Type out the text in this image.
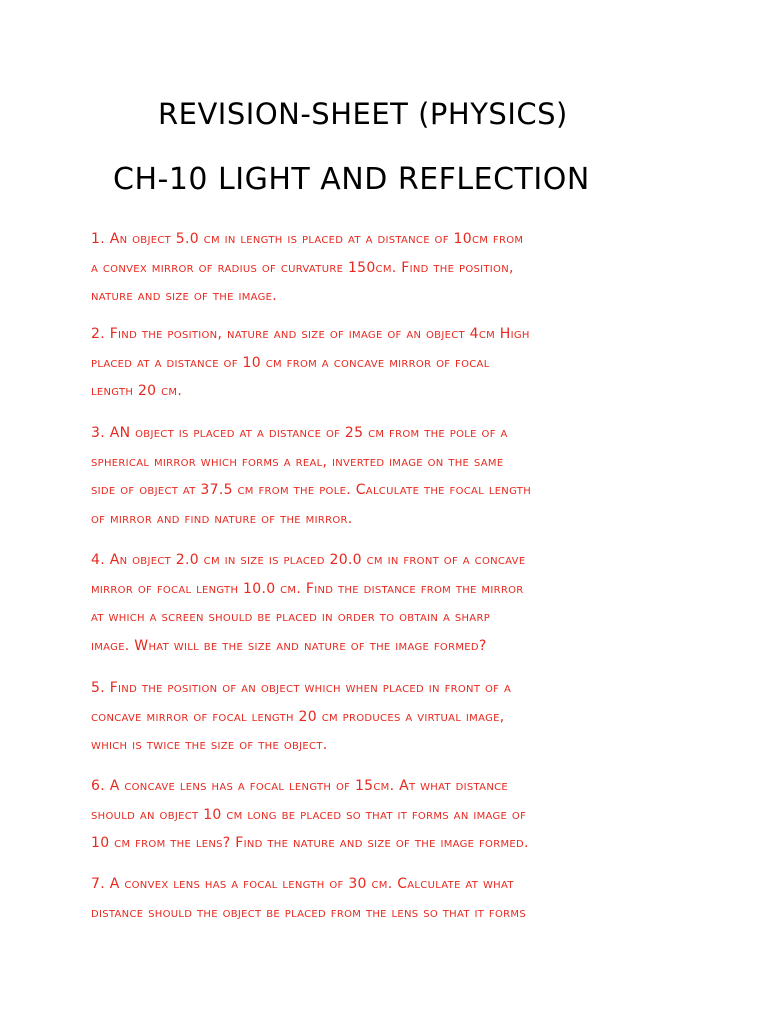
REVISION-SHEET (PHYSICS)
CH-10 LIGHT AND REFLECTION
1. An object 5.0 cm in length is placed at a distance of 10cm from
a convex mirror of radius of curvature 150cm. Find the position,
nature and size of the image.
2. Find the position, nature and size of image of an object 4cm High
placed at a distance of 10 cm from a concave mirror of focal
length 20 cm.
3. AN object is placed at a distance of 25 cm from the pole of a
spherical mirror which forms a real, inverted image on the same
side of object at 37.5 cm from the pole. Calculate the focal length
of mirror and find nature of the mirror.
4. An object 2.0 cm in size is placed 20.0 cm in front of a concave
mirror of focal length 10.0 cm. Find the distance from the mirror
at which a screen should be placed in order to obtain a sharp
image. What will be the size and nature of the image formed?
5. Find the position of an object which when placed in front of a
concave mirror of focal length 20 cm produces a virtual image,
which is twice the size of the object.
6. A concave lens has a focal length of 15cm. At what distance
should an object 10 cm long be placed so that it forms an image of
10 cm from the lens? Find the nature and size of the image formed.
7. A convex lens has a focal length of 30 cm. Calculate at what
distance should the object be placed from the lens so that it forms
